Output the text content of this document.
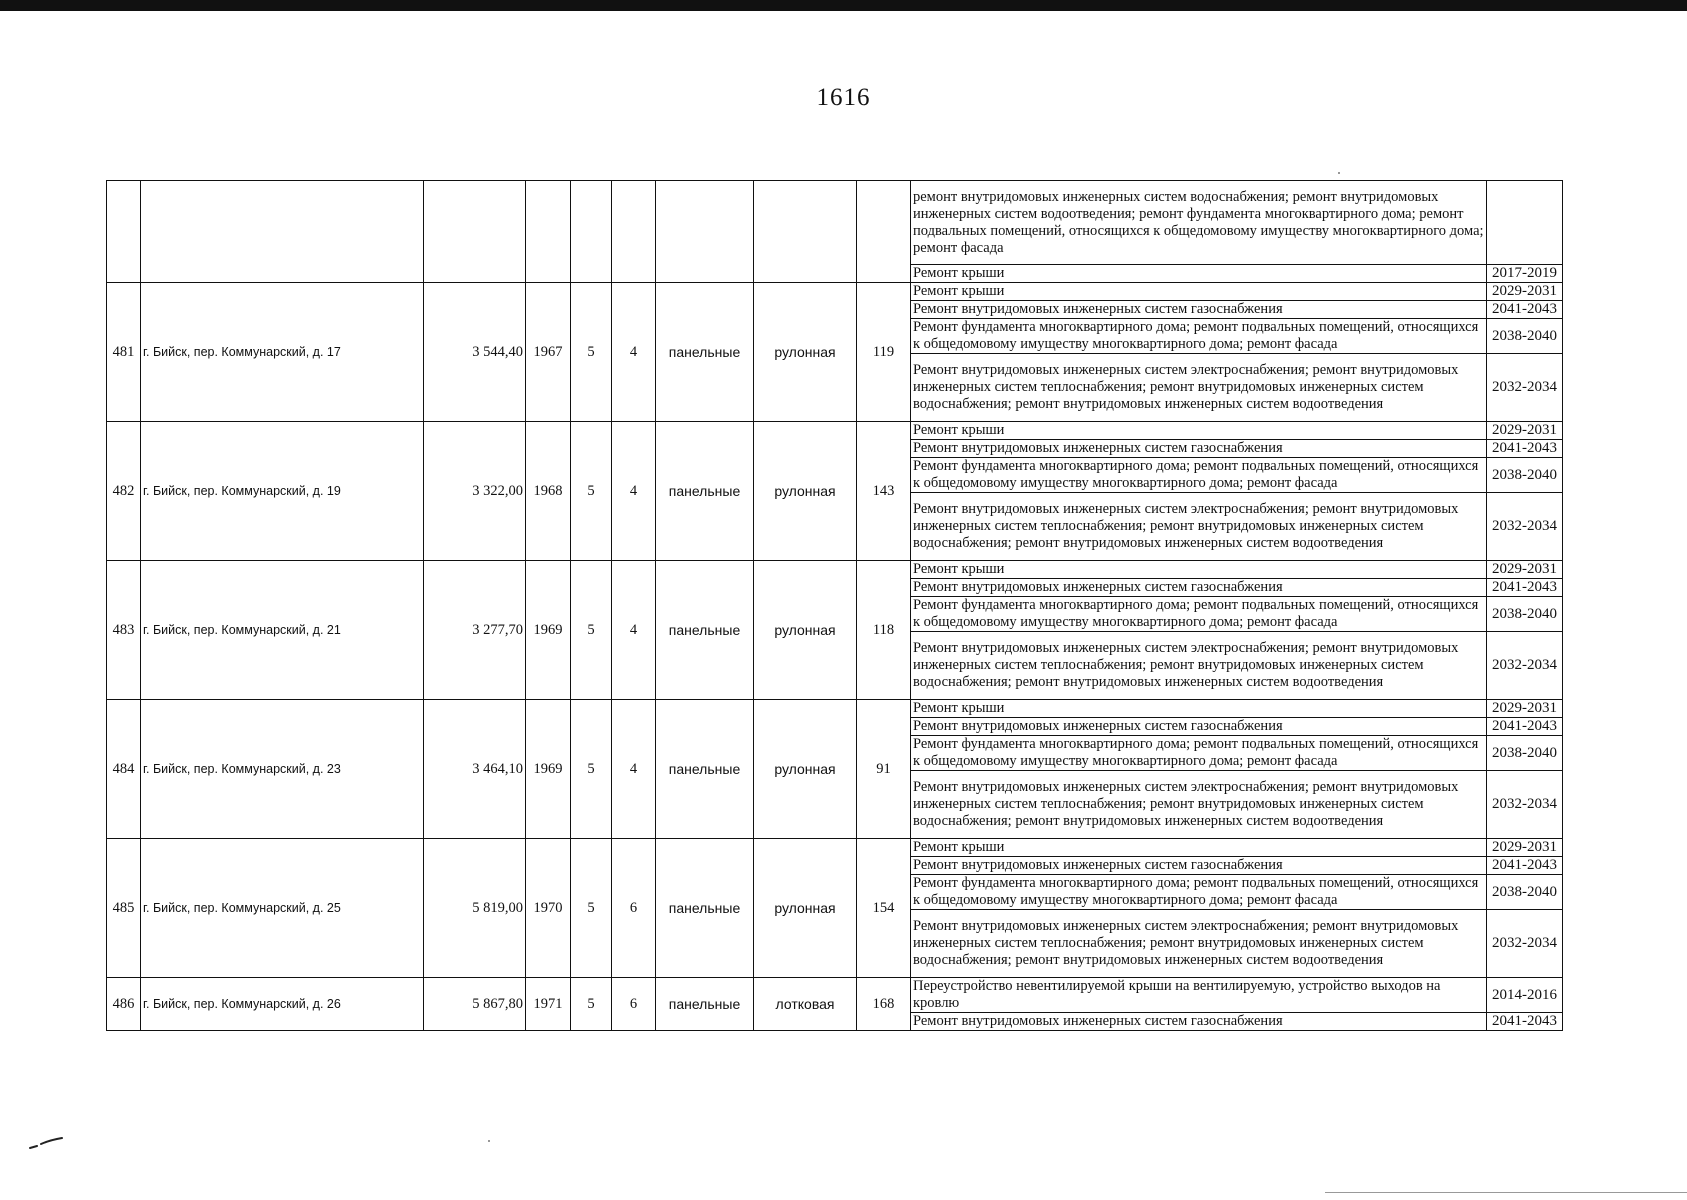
1616
									ремонт внутридомовых инженерных систем водоснабжения; ремонт внутридомовых инженерных систем водоотведения; ремонт фундамента многоквартирного дома; ремонт подвальных помещений, относящихся к общедомовому имуществу многоквартирного дома; ремонт фасада	
									Ремонт крыши	2017-2019
481	г. Бийск, пер. Коммунарский, д. 17	3 544,40	1967	5	4	панельные	рулонная	119	Ремонт крыши	2029-2031
									Ремонт внутридомовых инженерных систем газоснабжения	2041-2043
									Ремонт фундамента многоквартирного дома; ремонт подвальных помещений, относящихся к общедомовому имуществу многоквартирного дома; ремонт фасада	2038-2040
									Ремонт внутридомовых инженерных систем электроснабжения; ремонт внутридомовых инженерных систем теплоснабжения; ремонт внутридомовых инженерных систем водоснабжения; ремонт внутридомовых инженерных систем водоотведения	2032-2034
482	г. Бийск, пер. Коммунарский, д. 19	3 322,00	1968	5	4	панельные	рулонная	143	Ремонт крыши	2029-2031
									Ремонт внутридомовых инженерных систем газоснабжения	2041-2043
									Ремонт фундамента многоквартирного дома; ремонт подвальных помещений, относящихся к общедомовому имуществу многоквартирного дома; ремонт фасада	2038-2040
									Ремонт внутридомовых инженерных систем электроснабжения; ремонт внутридомовых инженерных систем теплоснабжения; ремонт внутридомовых инженерных систем водоснабжения; ремонт внутридомовых инженерных систем водоотведения	2032-2034
483	г. Бийск, пер. Коммунарский, д. 21	3 277,70	1969	5	4	панельные	рулонная	118	Ремонт крыши	2029-2031
									Ремонт внутридомовых инженерных систем газоснабжения	2041-2043
									Ремонт фундамента многоквартирного дома; ремонт подвальных помещений, относящихся к общедомовому имуществу многоквартирного дома; ремонт фасада	2038-2040
									Ремонт внутридомовых инженерных систем электроснабжения; ремонт внутридомовых инженерных систем теплоснабжения; ремонт внутридомовых инженерных систем водоснабжения; ремонт внутридомовых инженерных систем водоотведения	2032-2034
484	г. Бийск, пер. Коммунарский, д. 23	3 464,10	1969	5	4	панельные	рулонная	91	Ремонт крыши	2029-2031
									Ремонт внутридомовых инженерных систем газоснабжения	2041-2043
									Ремонт фундамента многоквартирного дома; ремонт подвальных помещений, относящихся к общедомовому имуществу многоквартирного дома; ремонт фасада	2038-2040
									Ремонт внутридомовых инженерных систем электроснабжения; ремонт внутридомовых инженерных систем теплоснабжения; ремонт внутридомовых инженерных систем водоснабжения; ремонт внутридомовых инженерных систем водоотведения	2032-2034
485	г. Бийск, пер. Коммунарский, д. 25	5 819,00	1970	5	6	панельные	рулонная	154	Ремонт крыши	2029-2031
									Ремонт внутридомовых инженерных систем газоснабжения	2041-2043
									Ремонт фундамента многоквартирного дома; ремонт подвальных помещений, относящихся к общедомовому имуществу многоквартирного дома; ремонт фасада	2038-2040
									Ремонт внутридомовых инженерных систем электроснабжения; ремонт внутридомовых инженерных систем теплоснабжения; ремонт внутридомовых инженерных систем водоснабжения; ремонт внутридомовых инженерных систем водоотведения	2032-2034
486	г. Бийск, пер. Коммунарский, д. 26	5 867,80	1971	5	6	панельные	лотковая	168	Переустройство невентилируемой крыши на вентилируемую, устройство выходов на кровлю	2014-2016
									Ремонт внутридомовых инженерных систем газоснабжения	2041-2043
